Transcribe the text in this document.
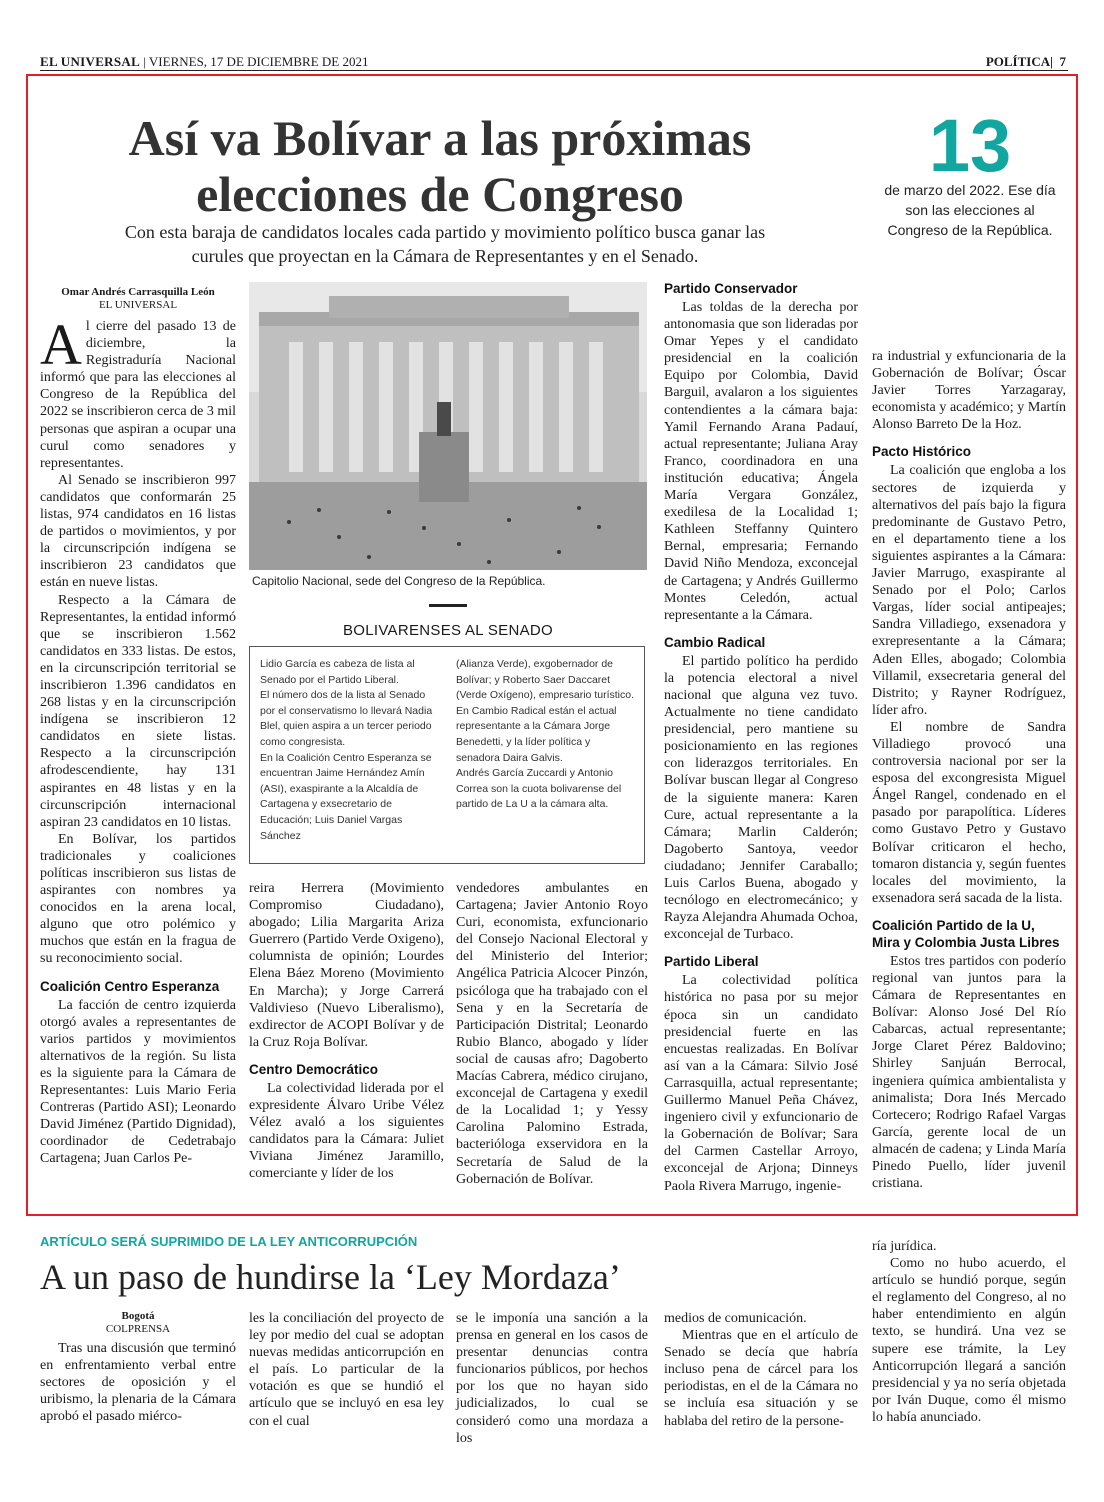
EL UNIVERSAL | VIERNES, 17 DE DICIEMBRE DE 2021	POLÍTICA|  7
Así va Bolívar a las próximas elecciones de Congreso
Con esta baraja de candidatos locales cada partido y movimiento político busca ganar las curules que proyectan en la Cámara de Representantes y en el Senado.
13
de marzo del 2022. Ese día son las elecciones al Congreso de la República.
Omar Andrés Carrasquilla León
EL UNIVERSAL
A l cierre del pasado 13 de diciembre, la Registraduría Nacional informó que para las elecciones al Congreso de la República del 2022 se inscribieron cerca de 3 mil personas que aspiran a ocupar una curul como senadores y representantes.

Al Senado se inscribieron 997 candidatos que conformarán 25 listas, 974 candidatos en 16 listas de partidos o movimientos, y por la circunscripción indígena se inscribieron 23 candidatos que están en nueve listas.

Respecto a la Cámara de Representantes, la entidad informó que se inscribieron 1.562 candidatos en 333 listas. De estos, en la circunscripción territorial se inscribieron 1.396 candidatos en 268 listas y en la circunscripción indígena se inscribieron 12 candidatos en siete listas. Respecto a la circunscripción afrodescendiente, hay 131 aspirantes en 48 listas y en la circunscripción internacional aspiran 23 candidatos en 10 listas.

En Bolívar, los partidos tradicionales y coaliciones políticas inscribieron sus listas de aspirantes con nombres ya conocidos en la arena local, alguno que otro polémico y muchos que están en la fragua de su reconocimiento social.

Coalición Centro Esperanza

La facción de centro izquierda otorgó avales a representantes de varios partidos y movimientos alternativos de la región. Su lista es la siguiente para la Cámara de Representantes: Luis Mario Feria Contreras (Partido ASI); Leonardo David Jiménez (Partido Dignidad), coordinador de Cedetrabajo Cartagena; Juan Carlos Pe-

Capitolio Nacional, sede del Congreso de la República.
BOLIVARENSES AL SENADO

Lidio García es cabeza de lista al Senado por el Partido Liberal.

El número dos de la lista al Senado por el conservatismo lo llevará Nadia Blel, quien aspira a un tercer periodo como congresista.

En la Coalición Centro Esperanza se encuentran Jaime Hernández Amín (ASI), exaspirante a la Alcaldía de Cartagena y exsecretario de Educación; Luis Daniel Vargas Sánchez

(Alianza Verde), exgobernador de Bolívar; y Roberto Saer Daccaret (Verde Oxígeno), empresario turístico.

En Cambio Radical están el actual representante a la Cámara Jorge Benedetti, y la líder política y senadora Daira Galvis.

Andrés García Zuccardi y Antonio Correa son la cuota bolivarense del partido de La U a la cámara alta.

reira Herrera (Movimiento Compromiso Ciudadano), abogado; Lilia Margarita Ariza Guerrero (Partido Verde Oxigeno), columnista de opinión; Lourdes Elena Báez Moreno (Movimiento En Marcha); y Jorge Carrerá Valdivieso (Nuevo Liberalismo), exdirector de ACOPI Bolívar y de la Cruz Roja Bolívar.

Centro Democrático

La colectividad liderada por el expresidente Álvaro Uribe Vélez Vélez avaló a los siguientes candidatos para la Cámara: Juliet Viviana Jiménez Jaramillo, comerciante y líder de los

vendedores ambulantes en Cartagena; Javier Antonio Royo Curi, economista, exfuncionario del Consejo Nacional Electoral y del Ministerio del Interior; Angélica Patricia Alcocer Pinzón, psicóloga que ha trabajado con el Sena y en la Secretaría de Participación Distrital; Leonardo Rubio Blanco, abogado y líder social de causas afro; Dagoberto Macías Cabrera, médico cirujano, exconcejal de Cartagena y exedil de la Localidad 1; y Yessy Carolina Palomino Estrada, bacterióloga exservidora en la Secretaría de Salud de la Gobernación de Bolívar.

Partido Conservador

Las toldas de la derecha por antonomasia que son lideradas por Omar Yepes y el candidato presidencial en la coalición Equipo por Colombia, David Barguil, avalaron a los siguientes contendientes a la cámara baja: Yamil Fernando Arana Padauí, actual representante; Juliana Aray Franco, coordinadora en una institución educativa; Ángela María Vergara González, exedilesa de la Localidad 1; Kathleen Steffanny Quintero Bernal, empresaria; Fernando David Niño Mendoza, exconcejal de Cartagena; y Andrés Guillermo Montes Celedón, actual representante a la Cámara.

Cambio Radical

El partido político ha perdido la potencia electoral a nivel nacional que alguna vez tuvo. Actualmente no tiene candidato presidencial, pero mantiene su posicionamiento en las regiones con liderazgos territoriales. En Bolívar buscan llegar al Congreso de la siguiente manera: Karen Cure, actual representante a la Cámara; Marlin Calderón; Dagoberto Santoya, veedor ciudadano; Jennifer Caraballo; Luis Carlos Buena, abogado y tecnólogo en electromecánico; y Rayza Alejandra Ahumada Ochoa, exconcejal de Turbaco.

Partido Liberal

La colectividad política histórica no pasa por su mejor época sin un candidato presidencial fuerte en las encuestas realizadas. En Bolívar así van a la Cámara: Silvio José Carrasquilla, actual representante; Guillermo Manuel Peña Chávez, ingeniero civil y exfuncionario de la Gobernación de Bolívar; Sara del Carmen Castellar Arroyo, exconcejal de Arjona; Dinneys Paola Rivera Marrugo, ingenie-

ra industrial y exfuncionaria de la Gobernación de Bolívar; Óscar Javier Torres Yarzagaray, economista y académico; y Martín Alonso Barreto De la Hoz.

Pacto Histórico

La coalición que engloba a los sectores de izquierda y alternativos del país bajo la figura predominante de Gustavo Petro, en el departamento tiene a los siguientes aspirantes a la Cámara: Javier Marrugo, exaspirante al Senado por el Polo; Carlos Vargas, líder social antipeajes; Sandra Villadiego, exsenadora y exrepresentante a la Cámara; Aden Elles, abogado; Colombia Villamil, exsecretaria general del Distrito; y Rayner Rodríguez, líder afro.

El nombre de Sandra Villadiego provocó una controversia nacional por ser la esposa del excongresista Miguel Ángel Rangel, condenado en el pasado por parapolítica. Líderes como Gustavo Petro y Gustavo Bolívar criticaron el hecho, tomaron distancia y, según fuentes locales del movimiento, la exsenadora será sacada de la lista.

Coalición Partido de la U, Mira y Colombia Justa Libres

Estos tres partidos con poderío regional van juntos para la Cámara de Representantes en Bolívar: Alonso José Del Río Cabarcas, actual representante; Jorge Claret Pérez Baldovino; Shirley Sanjuán Berrocal, ingeniera química ambientalista y animalista; Dora Inés Mercado Cortecero; Rodrigo Rafael Vargas García, gerente local de un almacén de cadena; y Linda María Pinedo Puello, líder juvenil cristiana.

ARTÍCULO SERÁ SUPRIMIDO DE LA LEY ANTICORRUPCIÓN
A un paso de hundirse la ‘Ley Mordaza’
Bogotá
COLPRENSA

Tras una discusión que terminó en enfrentamiento verbal entre sectores de oposición y el uribismo, la plenaria de la Cámara aprobó el pasado miérco-

les la conciliación del proyecto de ley por medio del cual se adoptan nuevas medidas anticorrupción en el país. Lo particular de la votación es que se hundió el artículo que se incluyó en esa ley con el cual

se le imponía una sanción a la prensa en general en los casos de presentar denuncias contra funcionarios públicos, por hechos por los que no hayan sido judicializados, lo cual se consideró como una mordaza a los

medios de comunicación.

Mientras que en el artículo de Senado se decía que habría incluso pena de cárcel para los periodistas, en el de la Cámara no se incluía esa situación y se hablaba del retiro de la persone-

ría jurídica.

Como no hubo acuerdo, el artículo se hundió porque, según el reglamento del Congreso, al no haber entendimiento en algún texto, se hundirá. Una vez se supere ese trámite, la Ley Anticorrupción llegará a sanción presidencial y ya no sería objetada por Iván Duque, como él mismo lo había anunciado.
